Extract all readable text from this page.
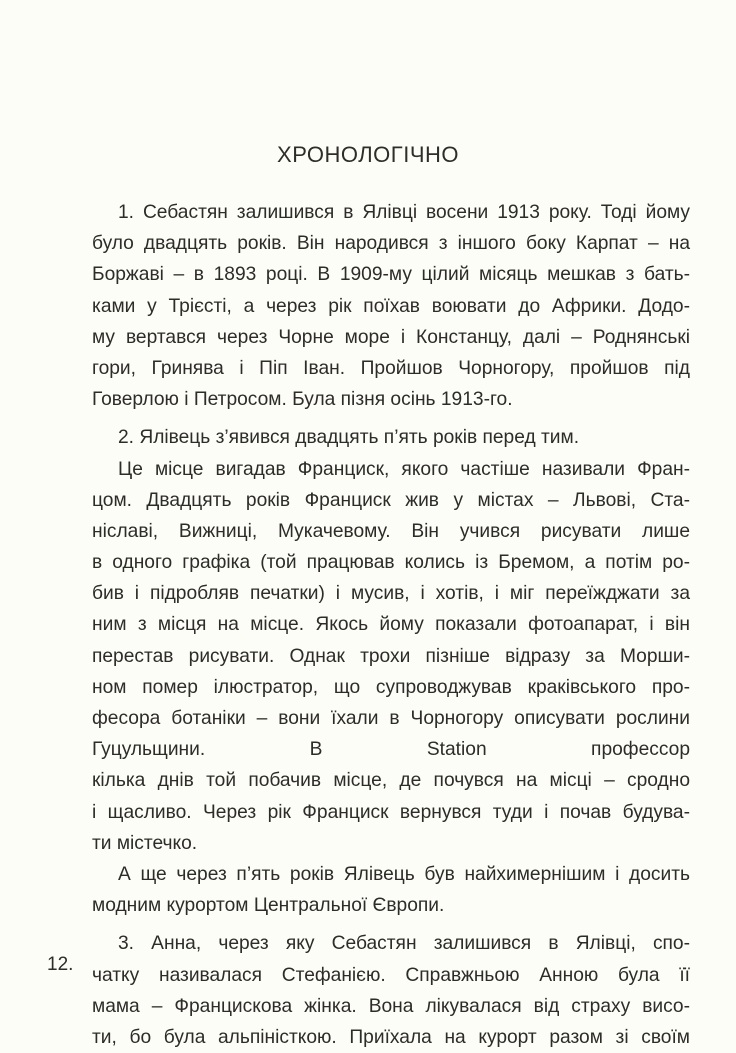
ХРОНОЛОГІЧНО
1. Себастян залишився в Ялівці восени 1913 року. Тоді йому
було двадцять років. Він народився з іншого боку Карпат – на
Боржаві – в 1893 році. В 1909-му цілий місяць мешкав з бать-
ками у Трієсті, а через рік поїхав воювати до Африки. Додо-
му вертався через Чорне море і Констанцу, далі – Роднянські
гори, Гринява і Піп Іван. Пройшов Чорногору, пройшов під
Говерлою і Петросом. Була пізня осінь 1913-го.
2. Ялівець з’явився двадцять п’ять років перед тим.
Це місце вигадав Франциск, якого частіше називали Фран-
цом. Двадцять років Франциск жив у містах – Львові, Ста-
ніславі, Вижниці, Мукачевому. Він учився рисувати лише
в одного графіка (той працював колись із Бремом, а потім ро-
бив і підробляв печатки) і мусив, і хотів, і міг переїжджати за
ним з місця на місце. Якось йому показали фотоапарат, і він
перестав рисувати. Однак трохи пізніше відразу за Морши-
ном помер ілюстратор, що супроводжував краківського про-
фесора ботаніки – вони їхали в Чорногору описувати рослини
Гуцульщини. В Station профессор
кілька днів той побачив місце, де почувся на місці – сродно
і щасливо. Через рік Франциск вернувся туди і почав будува-
ти містечко.
А ще через п’ять років Ялівець був найхимернішим і досить
модним курортом Центральної Європи.
3. Анна, через яку Себастян залишився в Ялівці, спо-
чатку називалася Стефанією. Справжньою Анною була її
мама – Францискова жінка. Вона лікувалася від страху висо-
ти, бо була альпіністкою. Приїхала на курорт разом зі своїм
12.
